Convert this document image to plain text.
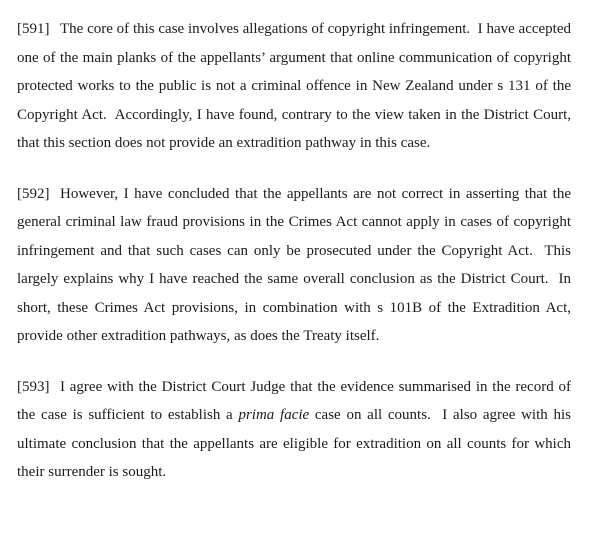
[591] The core of this case involves allegations of copyright infringement.  I have accepted one of the main planks of the appellants’ argument that online communication of copyright protected works to the public is not a criminal offence in New Zealand under s 131 of the Copyright Act.  Accordingly, I have found, contrary to the view taken in the District Court, that this section does not provide an extradition pathway in this case.

[592] However, I have concluded that the appellants are not correct in asserting that the general criminal law fraud provisions in the Crimes Act cannot apply in cases of copyright infringement and that such cases can only be prosecuted under the Copyright Act.  This largely explains why I have reached the same overall conclusion as the District Court.  In short, these Crimes Act provisions, in combination with s 101B of the Extradition Act, provide other extradition pathways, as does the Treaty itself.

[593] I agree with the District Court Judge that the evidence summarised in the record of the case is sufficient to establish a prima facie case on all counts.  I also agree with his ultimate conclusion that the appellants are eligible for extradition on all counts for which their surrender is sought.
